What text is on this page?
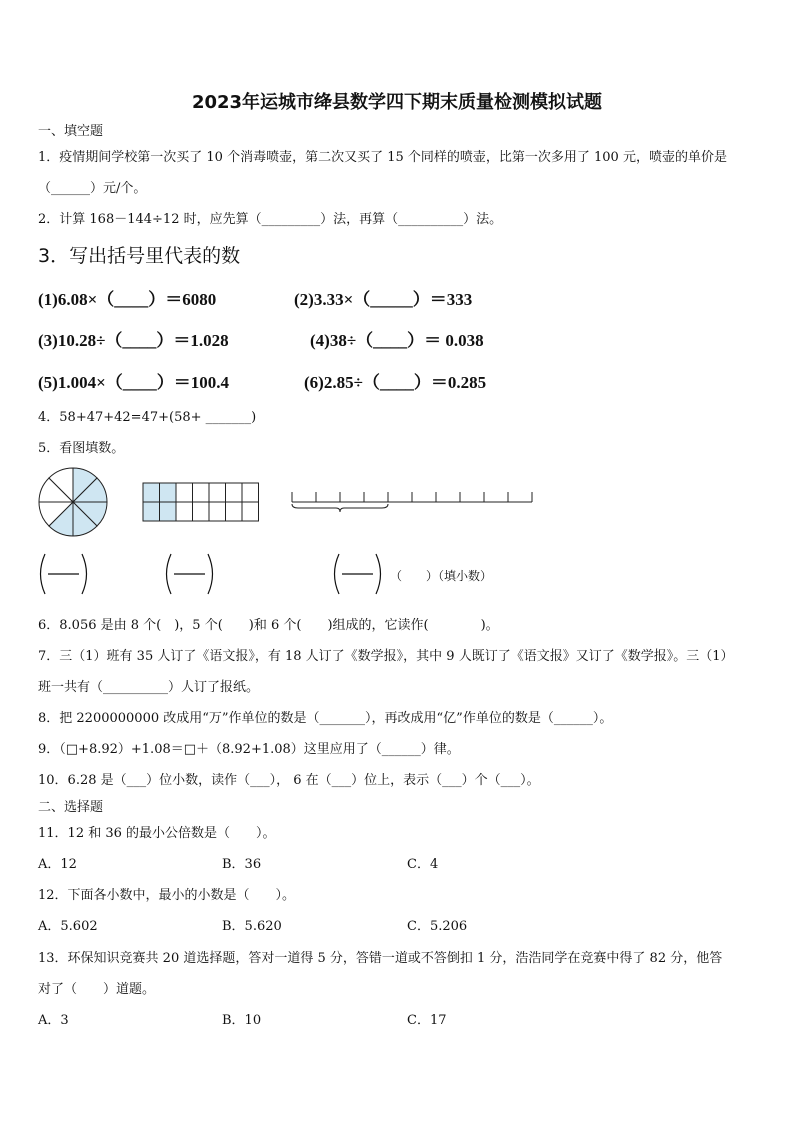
2023年运城市绛县数学四下期末质量检测模拟试题
一、填空题
1．疫情期间学校第一次买了 10 个消毒喷壶，第二次又买了 15 个同样的喷壶，比第一次多用了 100 元，喷壶的单价是
（______）元/个。
2．计算 168－144÷12 时，应先算（_________）法，再算（__________）法。
3．写出括号里代表的数
(1)6.08×（____）＝6080	(2)3.33×（_____）＝333
(3)10.28÷（____）＝1.028	(4)38÷（____）＝ 0.038
(5)1.004×（____）＝100.4	(6)2.85÷（____）＝0.285
4．58+47+42=47+(58+ _______)
5．看图填数。
（　　）（填小数）
6．8.056 是由 8 个(　)，5 个(　　)和 6 个(　　)组成的，它读作(　　　　)。
7．三（1）班有 35 人订了《语文报》，有 18 人订了《数学报》，其中 9 人既订了《语文报》又订了《数学报》。三（1）
班一共有（__________）人订了报纸。
8．把 2200000000 改成用“万”作单位的数是（_______），再改成用“亿”作单位的数是（______）。
9．（□+8.92）+1.08＝□＋（8.92+1.08）这里应用了（______）律。
10．6.28 是（___）位小数，读作（___）， 6 在（___）位上，表示（___）个（___）。
二、选择题
11．12 和 36 的最小公倍数是（　　）。
A．12	B．36	C．4
12．下面各小数中，最小的小数是（　　）。
A．5.602	B．5.620	C．5.206
13．环保知识竞赛共 20 道选择题，答对一道得 5 分，答错一道或不答倒扣 1 分，浩浩同学在竞赛中得了 82 分，他答
对了（　　）道题。
A．3	B．10	C．17
